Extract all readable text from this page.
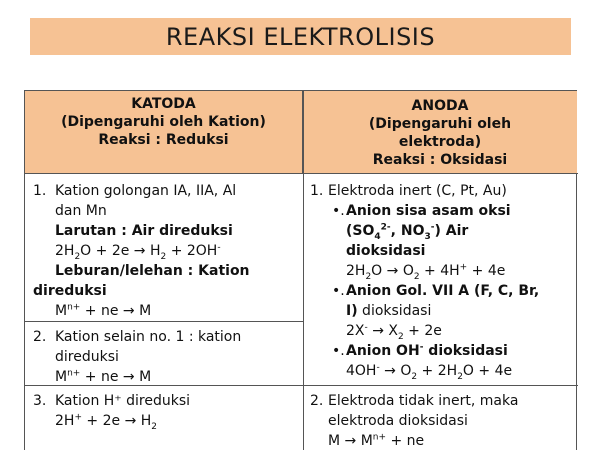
REAKSI ELEKTROLISIS
KATODA
(Dipengaruhi oleh Kation)
Reaksi : Reduksi
ANODA
(Dipengaruhi oleh
elektroda)
Reaksi : Oksidasi
1. Kation golongan IA, IIA, Al
dan Mn
Larutan : Air direduksi
$2H_2O + 2e \to H_2 + 2OH^-$
Leburan/lelehan : Kation
direduksi
$M^{n+}$ + ne → M
2. Kation selain no. 1 : kation
direduksi
$M^{n+}$ + ne → M
3. Kation H⁺ direduksi
$2H^+ + 2e \to H_2$
1. Elektroda inert (C, Pt, Au)
•. Anion sisa asam oksi
($SO_4^{2-}$, $NO_3^-$) Air
dioksidasi
$2H_2O \to O_2 + 4H^+ + 4e$
•. Anion Gol. VII A (F, C, Br,
I) dioksidasi
$2X^- \to X_2 + 2e$
•. Anion OH- dioksidasi
$4OH^- \to O_2 + 2H_2O + 4e$
2. Elektroda tidak inert, maka
elektroda dioksidasi
$M \to M^{n+}$ + ne
